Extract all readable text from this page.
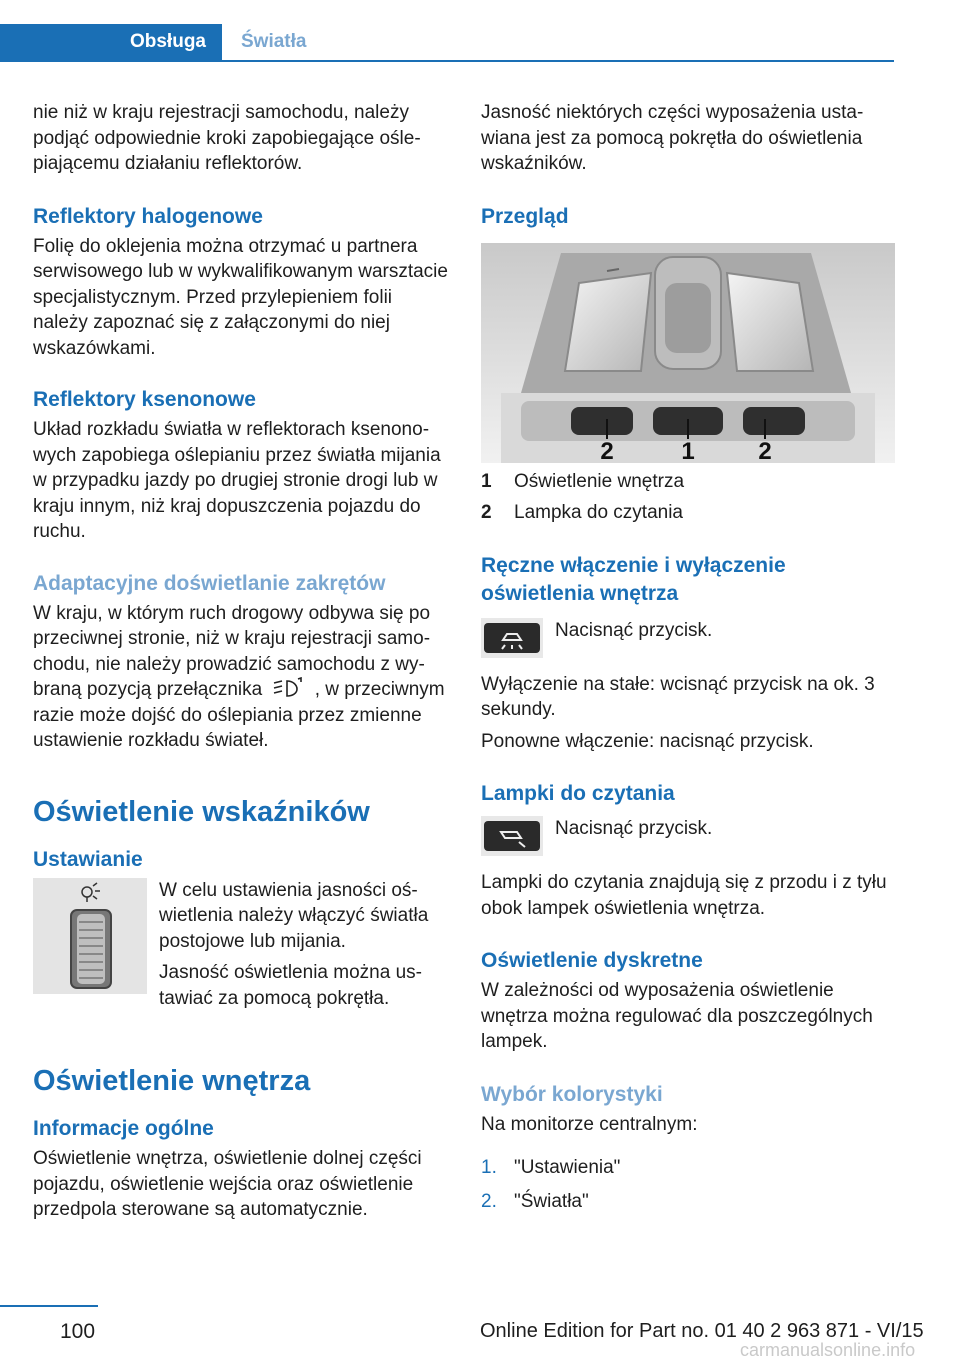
Obsługa	Światła

nie niż w kraju rejestracji samochodu, należy podjąć odpowiednie kroki zapobiegające oślepiającemu działaniu reflektorów.

Reflektory halogenowe

Folię do oklejenia można otrzymać u partnera serwisowego lub w wykwalifikowanym warsztacie specjalistycznym. Przed przylepieniem folii należy zapoznać się z załączonymi do niej wskazówkami.

Reflektory ksenonowe

Układ rozkładu światła w reflektorach ksenonowych zapobiega oślepianiu przez światła mijania w przypadku jazdy po drugiej stronie drogi lub w kraju innym, niż kraj dopuszczenia pojazdu do ruchu.

Adaptacyjne doświetlanie zakrętów

W kraju, w którym ruch drogowy odbywa się po przeciwnej stronie, niż w kraju rejestracji samochodu, nie należy prowadzić samochodu z wybraną pozycją przełącznika	, w przeciwnym razie może dojść do oślepiania przez zmienne ustawienie rozkładu świateł.

Oświetlenie wskaźników
Ustawianie

W celu ustawienia jasności oświetlenia należy włączyć światła postojowe lub mijania.

Jasność oświetlenia można ustawiać za pomocą pokrętła.

Oświetlenie wnętrza
Informacje ogólne

Oświetlenie wnętrza, oświetlenie dolnej części pojazdu, oświetlenie wejścia oraz oświetlenie przedpola sterowane są automatycznie.

Jasność niektórych części wyposażenia ustawiana jest za pomocą pokrętła do oświetlenia wskaźników.

Przegląd
2	1	2
1	Oświetlenie wnętrza
2	Lampka do czytania
Ręczne włączenie i wyłączenie oświetlenia wnętrza

Nacisnąć przycisk.

Wyłączenie na stałe: wcisnąć przycisk na ok. 3 sekundy.

Ponowne włączenie: nacisnąć przycisk.

Lampki do czytania

Nacisnąć przycisk.

Lampki do czytania znajdują się z przodu i z tyłu obok lampek oświetlenia wnętrza.

Oświetlenie dyskretne

W zależności od wyposażenia oświetlenie wnętrza można regulować dla poszczególnych lampek.

Wybór kolorystyki

Na monitorze centralnym:

1. "Ustawienia"
2. "Światła"
100	Online Edition for Part no. 01 40 2 963 871 - VI/15
carmanualsonline.info
